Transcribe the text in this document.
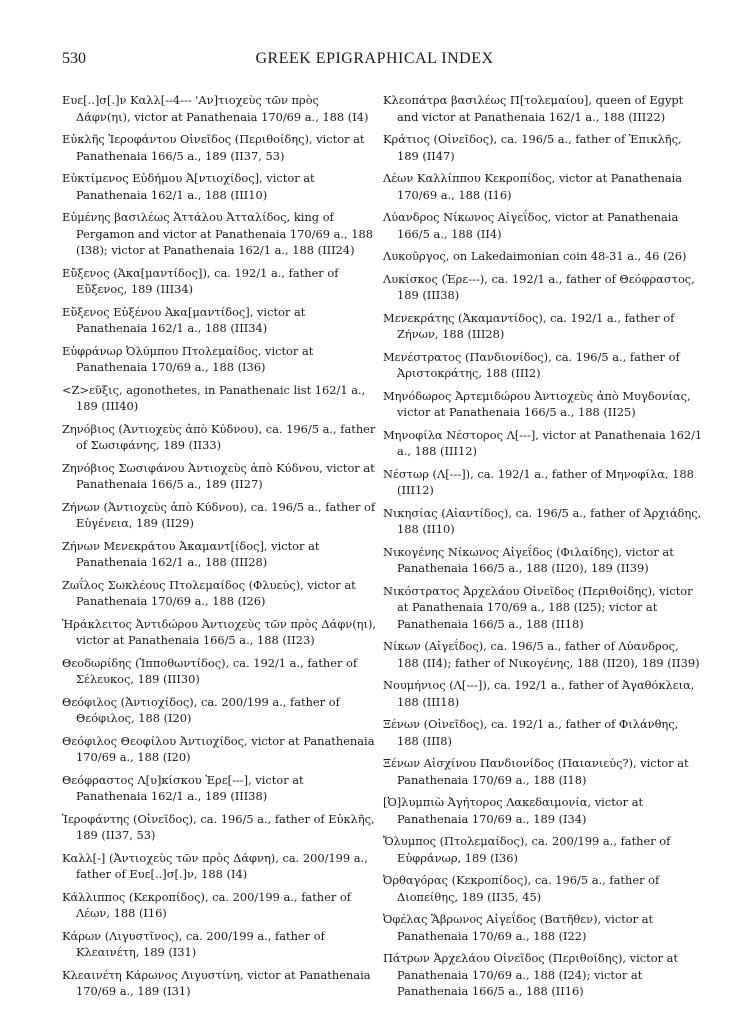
530	GREEK EPIGRAPHICAL INDEX

Ευε[..]σ[.]ν Καλλ[--4--- 'Αν]τιοχεὺς τῶν πρὸς Δάφν(ηι), victor at Panathenaia 170/69 a., 188 (I4)

Εὐκλῆς Ἱεροφάντου Οἰνεῖδος (Περιθοίδης), victor at Panathenaia 166/5 a., 189 (II37, 53)

Εὐκτίμενος Εὐδήμου Ἀ[ντιοχίδος], victor at Panathenaia 162/1 a., 188 (III10)

Εὐμένης βασιλέως Ἀττάλου Ἀτταλίδος, king of Pergamon and victor at Panathenaia 170/69 a., 188 (I38); victor at Panathenaia 162/1 a., 188 (III24)

Εὔξενος (Ἀκα[μαντίδος]), ca. 192/1 a., father of Εὔξενος, 189 (III34)

Εὔξενος Εὐξένου Ἀκα[μαντίδος], victor at Panathenaia 162/1 a., 188 (III34)

Εὐφράνωρ Ὀλύμπου Πτολεμαίδος, victor at Panathenaia 170/69 a., 188 (I36)

<Ζ>εῦξις, agonothetes, in Panathenaic list 162/1 a., 189 (III40)

Ζηνόβιος (Ἀντιοχεὺς ἀπὸ Κύδνου), ca. 196/5 a., father of Σωσιφάνης, 189 (II33)

Ζηνόβιος Σωσιφάνου Ἀντιοχεὺς ἀπὸ Κύδνου, victor at Panathenaia 166/5 a., 189 (II27)

Ζήνων (Ἀντιοχεὺς ἀπὸ Κύδνου), ca. 196/5 a., father of Εὐγένεια, 189 (II29)

Ζήνων Μενεκράτου Ἀκαμαντ[ίδος], victor at Panathenaia 162/1 a., 188 (III28)

Ζωΐλος Σωκλέους Πτολεμαίδος (Φλυεύς), victor at Panathenaia 170/69 a., 188 (I26)

Ἡράκλειτος Ἀντιδώρου Ἀντιοχεὺς τῶν πρὸς Δάφν(ηι), victor at Panathenaia 166/5 a., 188 (II23)

Θεοδωρίδης (Ἱπποθωντίδος), ca. 192/1 a., father of Σέλευκος, 189 (III30)

Θεόφιλος (Ἀντιοχίδος), ca. 200/199 a., father of Θεόφιλος, 188 (I20)

Θεόφιλος Θεοφίλου Ἀντιοχίδος, victor at Panathenaia 170/69 a., 188 (I20)

Θεόφραστος Λ[υ]κίσκου Ἐρε[---], victor at Panathenaia 162/1 a., 189 (III38)

Ἱεροφάντης (Οἰνεῖδος), ca. 196/5 a., father of Εὐκλῆς, 189 (II37, 53)

Καλλ[-] (Ἀντιοχεὺς τῶν πρὸς Δάφνη), ca. 200/199 a., father of Ευε[..]σ[.]ν, 188 (I4)

Κάλλιππος (Κεκροπίδος), ca. 200/199 a., father of Λέων, 188 (I16)

Κάρων (Λιγυστῖνος), ca. 200/199 a., father of Κλεαινέτη, 189 (I31)

Κλεαινέτη Κάρωνος Λιγυστίνη, victor at Panathenaia 170/69 a., 189 (I31)

Κλεοπάτρα βασιλέως Π[τολεμαίου], queen of Egypt and victor at Panathenaia 162/1 a., 188 (III22)

Κράτιος (Οἰνεῖδος), ca. 196/5 a., father of Ἐπικλῆς, 189 (II47)

Λέων Καλλίππου Κεκροπίδος, victor at Panathenaia 170/69 a., 188 (I16)

Λύανδρος Νίκωνος Αἰγεΐδος, victor at Panathenaia 166/5 a., 188 (II4)

Λυκοῦργος, on Lakedaimonian coin 48-31 a., 46 (26)

Λυκίσκος (Ἐρε---), ca. 192/1 a., father of Θεόφραστος, 189 (III38)

Μενεκράτης (Ἀκαμαντίδος), ca. 192/1 a., father of Ζήνων, 188 (III28)

Μενέστρατος (Πανδιονίδος), ca. 196/5 a., father of Ἀριστοκράτης, 188 (III2)

Μηνόδωρος Ἀρτεμιδώρου Ἀντιοχεὺς ἀπὸ Μυγδονίας, victor at Panathenaia 166/5 a., 188 (II25)

Μηνοφίλα Νέστορος Λ[---], victor at Panathenaia 162/1 a., 188 (III12)

Νέστωρ (Λ[---]), ca. 192/1 a., father of Μηνοφίλα, 188 (III12)

Νικησίας (Αἰαντίδος), ca. 196/5 a., father of Ἀρχιάδης, 188 (II10)

Νικογένης Νίκωνος Αἰγεΐδος (Φιλαίδης), victor at Panathenaia 166/5 a., 188 (II20), 189 (II39)

Νικόστρατος Ἀρχελάου Οἰνεῖδος (Περιθοίδης), victor at Panathenaia 170/69 a., 188 (I25); victor at Panathenaia 166/5 a., 188 (II18)

Νίκων (Αἰγεΐδος), ca. 196/5 a., father of Λύανδρος, 188 (II4); father of Νικογένης, 188 (II20), 189 (II39)

Νουμήνιος (Λ[---]), ca. 192/1 a., father of Ἀγαθόκλεια, 188 (III18)

Ξένων (Οἰνεῖδος), ca. 192/1 a., father of Φιλάνθης, 188 (III8)

Ξένων Αἰσχίνου Πανδιονίδος (Παιανιεύς?), victor at Panathenaia 170/69 a., 188 (I18)

[Ὀ]λυμπιὼ Ἀγήτορος Λακεδαιμονία, victor at Panathenaia 170/69 a., 189 (I34)

Ὄλυμπος (Πτολεμαίδος), ca. 200/199 a., father of Εὐφράνωρ, 189 (I36)

Ὀρθαγόρας (Κεκροπίδος), ca. 196/5 a., father of Διοπείθης, 189 (II35, 45)

Ὀφέλας Ἅβρωνος Αἰγεΐδος (Βατῆθεν), victor at Panathenaia 170/69 a., 188 (I22)

Πάτρων Ἀρχελάου Οἰνεῖδος (Περιθοίδης), victor at Panathenaia 170/69 a., 188 (I24); victor at Panathenaia 166/5 a., 188 (II16)
